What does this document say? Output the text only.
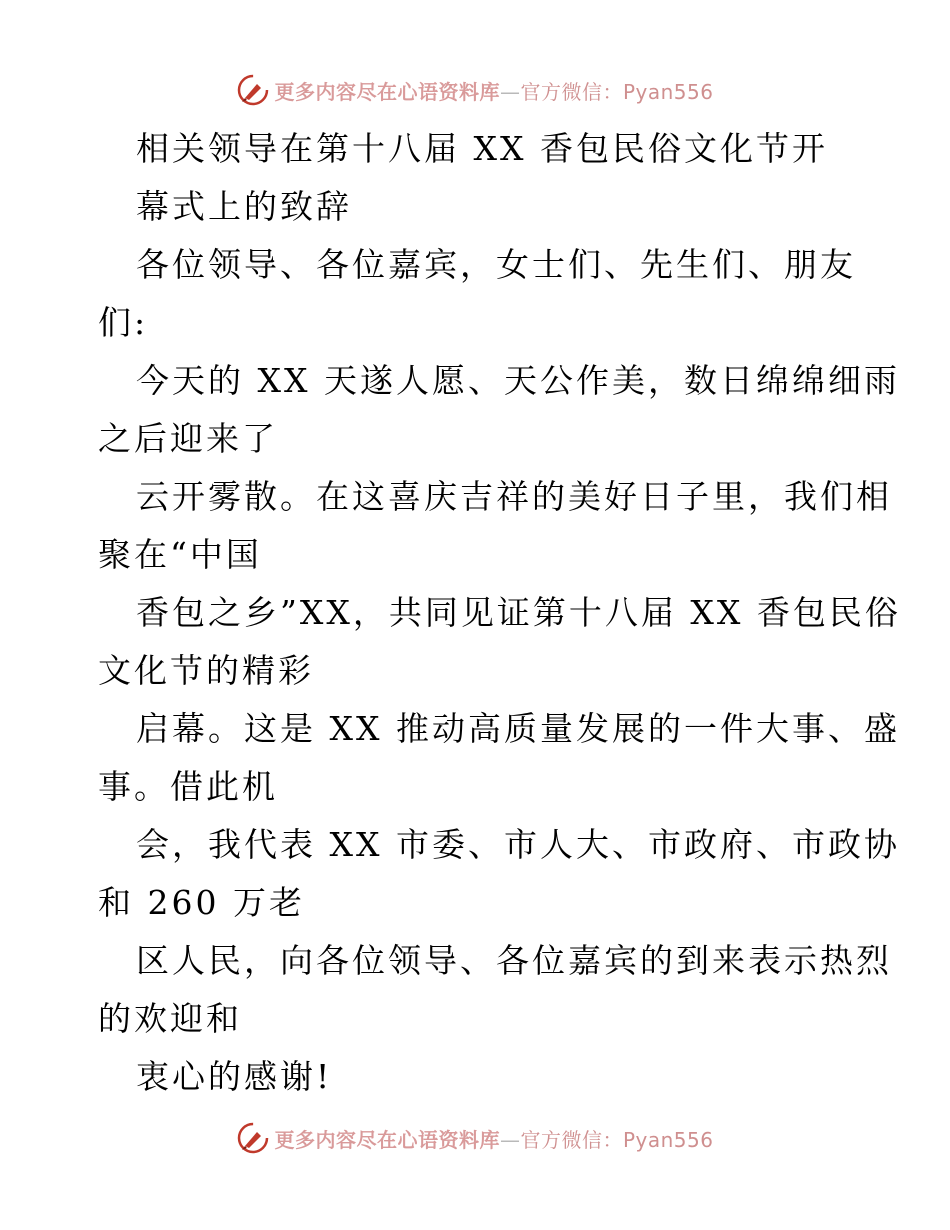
更多内容尽在心语资料库—官方微信：Pyan556
相关领导在第十八届 XX 香包民俗文化节开
幕式上的致辞
各位领导、各位嘉宾，女士们、先生们、朋友
们:
今天的 XX 天遂人愿、天公作美，数日绵绵细雨
之后迎来了
云开雾散。在这喜庆吉祥的美好日子里，我们相
聚在“中国
香包之乡”XX，共同见证第十八届 XX 香包民俗
文化节的精彩
启幕。这是 XX 推动高质量发展的一件大事、盛
事。借此机
会，我代表 XX 市委、市人大、市政府、市政协
和 260 万老
区人民，向各位领导、各位嘉宾的到来表示热烈
的欢迎和
衷心的感谢!
更多内容尽在心语资料库—官方微信：Pyan556
